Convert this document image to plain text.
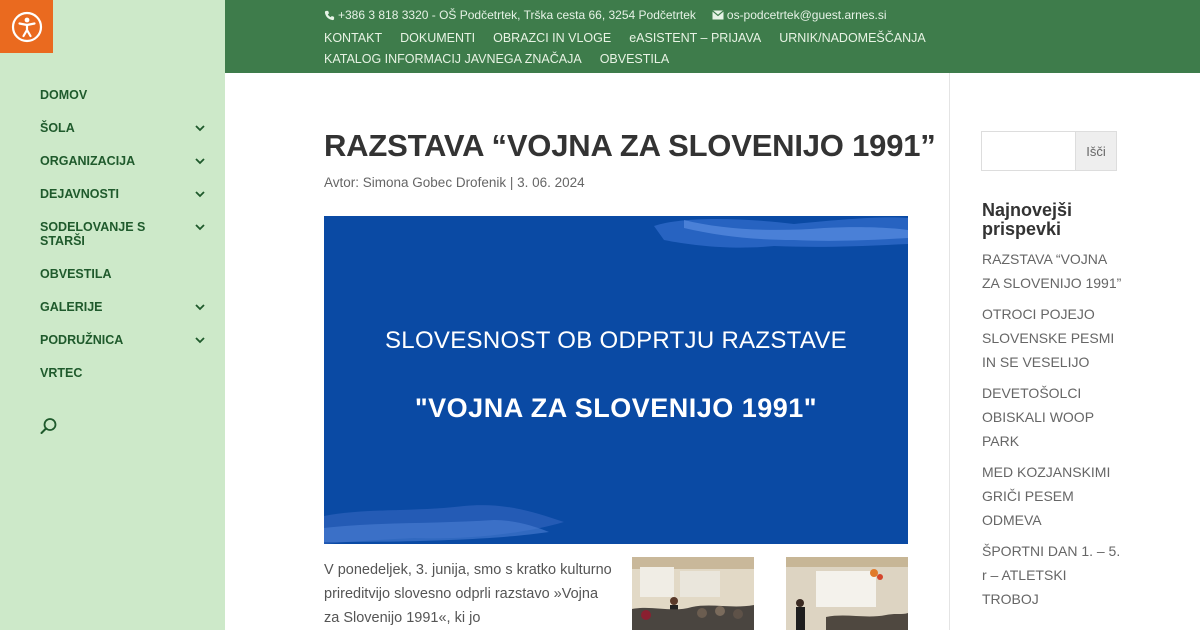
DOMOV
ŠOLA
ORGANIZACIJA
DEJAVNOSTI
SODELOVANJE S STARŠI
OBVESTILA
GALERIJE
PODRUŽNICA
VRTEC
+386 3 818 3320 - OŠ Podčetrtek, Trška cesta 66, 3254 Podčetrtek	os-podcetrtek@guest.arnes.si
KONTAKT DOKUMENTI OBRAZCI IN VLOGE eASISTENT – PRIJAVA URNIK/NADOMEŠČANJA
KATALOG INFORMACIJ JAVNEGA ZNAČAJA OBVESTILA
RAZSTAVA “VOJNA ZA SLOVENIJO 1991”
Avtor: Simona Gobec Drofenik | 3. 06. 2024
SLOVESNOST OB ODPRTJU RAZSTAVE
"VOJNA ZA SLOVENIJO 1991"

V ponedeljek, 3. junija, smo s kratko kulturno prireditvijo slovesno odprli razstavo »Vojna za Slovenijo 1991«, ki jo

Išči
Najnovejši prispevki
RAZSTAVA “VOJNA ZA SLOVENIJO 1991”
OTROCI POJEJO SLOVENSKE PESMI IN SE VESELIJO
DEVETOŠOLCI OBISKALI WOOP PARK
MED KOZJANSKIMI GRIČI PESEM ODMEVA
ŠPORTNI DAN 1. – 5. r – ATLETSKI TROBOJ
